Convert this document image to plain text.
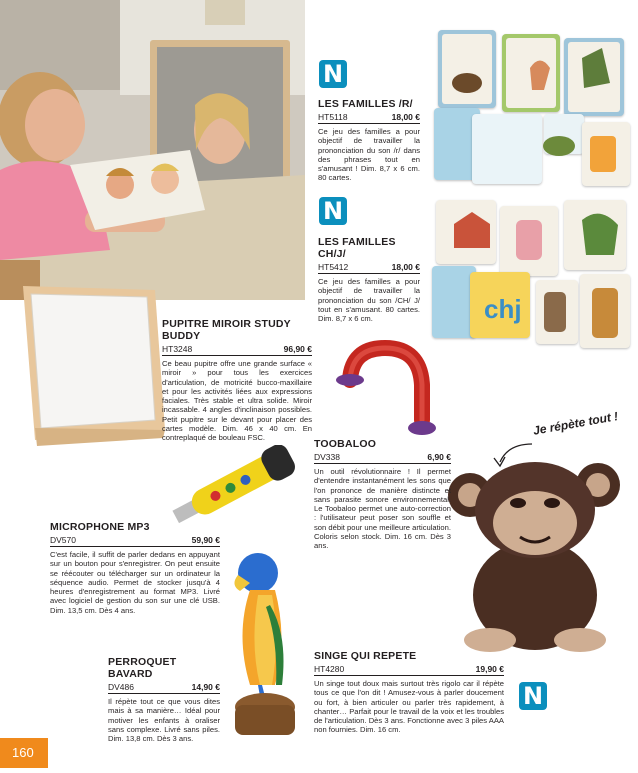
chj
Je répète tout !
N
N
N
LES FAMILLES /R/
HT5118	18,00 €
Ce jeu des familles a pour objectif de travailler la prononciation du son /r/ dans des phrases tout en s'amusant ! Dim. 8,7 x 6 cm. 80 cartes.
LES FAMILLES CH/J/
HT5412	18,00 €
Ce jeu des familles a pour objectif de travailler la prononciation du son /CH/ J/ tout en s'amusant. 80 cartes. Dim. 8,7 x 6 cm.
PUPITRE MIROIR STUDY BUDDY
HT3248	96,90 €
Ce beau pupitre offre une grande surface « miroir » pour tous les exercices d'articulation, de motricité bucco-maxillaire et pour les activités liées aux expressions faciales. Très stable et ultra solide. Miroir incassable. 4 angles d'inclinaison possibles. Petit pupitre sur le devant pour placer des cartes modèle. Dim. 46 x 40 cm. En contreplaqué de bouleau FSC.
TOOBALOO
DV338	6,90 €
Un outil révolutionnaire ! Il permet d'entendre instantanément les sons que l'on prononce de manière distincte et sans parasite sonore environnemental. Le Toobaloo permet une auto-correction : l'utilisateur peut poser son souffle et son débit pour une meilleure articulation. Coloris selon stock. Dim. 16 cm. Dès 3 ans.
MICROPHONE MP3
DV570	59,90 €
C'est facile, il suffit de parler dedans en appuyant sur un bouton pour s'enregistrer. On peut ensuite se réécouter ou télécharger sur un ordinateur la séquence audio. Permet de stocker jusqu'à 4 heures d'enregistrement au format MP3. Livré avec logiciel de gestion du son sur une clé USB. Dim. 13,5 cm. Dès 4 ans.
PERROQUET BAVARD
DV486	14,90 €
Il répète tout ce que vous dites mais à sa manière… Idéal pour motiver les enfants à oraliser sans complexe. Livré sans piles. Dim. 13,8 cm. Dès 3 ans.
SINGE QUI REPETE
HT4280	19,90 €
Un singe tout doux mais surtout très rigolo car il répète tous ce que l'on dit ! Amusez-vous à parler doucement ou fort, à bien articuler ou parler très rapidement, à chanter… Parfait pour le travail de la voix et les troubles de l'articulation. Dès 3 ans. Fonctionne avec 3 piles AAA non fournies. Dim. 16 cm.
160
